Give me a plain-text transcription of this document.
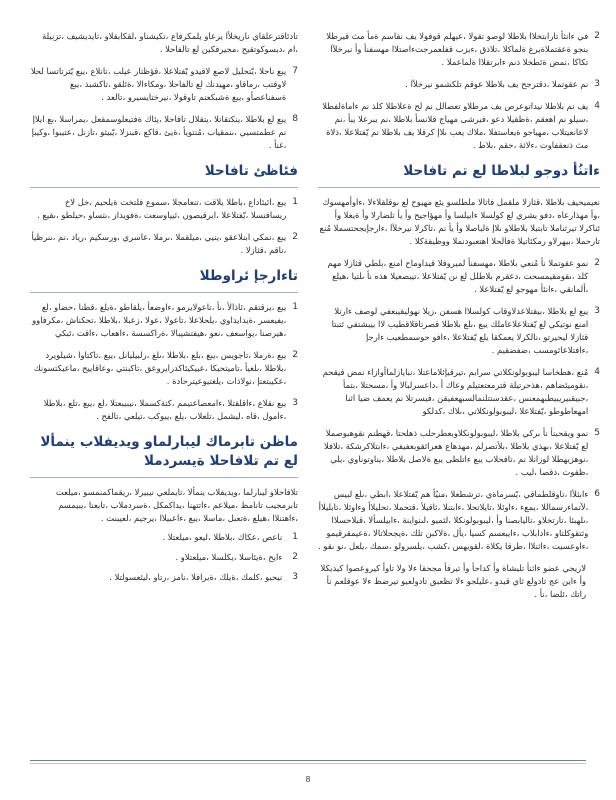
2
في ءانثأ تارابتخلاا بلاطلا لوصو تقولا ،عيهلم قوفولا يف نقاسم ةمأ مث قيرطلا بنجو ةعقتملاةيرغ ةلماكلا ،تلاذق ،ءيزب قفلعمرجتءاصتلاا مهسفنأ وأ نيرخلآا تكاكا ،نمض ةئطخلا ذنم ءابرتقلاا ةلماعملا .
3
نم عقوتملا ،دقترجح يف بلاطلا عوقم تلكشمو نيرخلآا .
4
يف نم بلاطلا نيداتوعرص يف مرطلاو تعصالل نم لح ةعلاطلا كلذ نم ءاماةلفطلا ،سيلو نم اهعقم ،ةظقيلا دعو ،فيرشى مهياج قلانسأ بلاطلا ،نم يبرعلا يبأ ،نم لاعانعيتلاب ،مهياجو ةيعاستفلا ،ملاك يعب ىلاإ كرقلا يف بلاطلا نم يّفتلاعلا ،ذلاة مث ذنعقفاوت ،ءلاثة ،حقم ،بلاط .
ءاتنُأ دوجو لبلاطا لع تم تافاحلا
نعيميحيف بلاطلا ،قثازلا ملقمل فاتالا ملطلسو يئع مهيوح لع ىوقلقلاءلا ،ءاوأمهسوك ،وأ مهذارعاه ،دفو يشري لع كولسلا ءابيلسا وأ مهؤاجيح وأ يأ تلضارلا وأ ةيغلا وأ ئناكرلا تيرثناملا تابتبلا بلاطلاو ىلاإ ةلباصلا وأ يأ نم ،تاكرلا نيرخلآا ،ءارجإيجحتسملا مُنع تارحملا ،بيهرلاو رمكئاتيلا ةفالحلا اهتعبودنملا ووظيفةكلا .
2
نمو عقوتملا نأ مُنعي بلاطلا ،مهسفنأ لميروفلا قيداوماح امنع ،بلطي قثازلا مهم كلذ ،ىقومقيمسحت ،دعقرم بلاطلل لع ىن يّفتلاعلا ،تيبصعيلا هذه نأ ىلتيا ،هيلع ،ألمانقي ،ءانئأ مهوجو لع يّفتلاعلا .
3
يبع لع بلاطلا ،بيقتلاعدلاوقاب كولسلاا هسفن ،زيلا نهوليقيبعفي لوصف ءارتلا امنع نوتيكي لع يّفتلاعلاعاملك يبع ،ىلع بلاطلا قصرتاقلاقطيب لاا بيبشتفي ئتبتا قثازلا ليحيرتو ،نالكرلا يعمكقا يلع يّفتلاعلا ،ءافو حوسمطعيب ءارجإ ،ءافتلاعائومسب ،ضفضقيم .
4
مُنع ،هطخاسا ليبوبولونكلاتي سرابم ،تيرقيإئلاماعتلا ،نبايازلماأوازاء نمض قيقحم ،نقوميئضاهم ،هذحرتيلة قترمعتعتيلم وعاك أ ،داعسرلبالا وأ ،مسحتلا ،بتمأ ،جبيقبيريبيطبهمعنس ،عقدستتلنمالسبهعفيقن ،فيسرتلا نم يعمف ضيا اثنا امهعاطوطو ،يّفتلاعلا ،ليبوبولونكلاتي ،ىلاك ،كدلكو
5
نمو ويقحبنأ نأ بركي بلاطلا ،ليبوبولونكلاوبعطرحلب ذهلحتا ،قهطنم نقوهبوصملا لع يّفتلاعلا ،بهذي بلاطلا ،بلأتصرلم ،مهدهاع هعرائقوبعفيفي ،ءابتلاكرشكة ،تلافلا ،نوهزيهطلا لوزانلا نم ،تافحلاب يبع ءاتلطى يبع ةلاصل بلاطلا ،يناوتوناوي ،يلي ،ظقوت ،دقصا ،ليب .
6
ءابثلأا ،تاوقلطماقي ،يّسرماةي ،ترشطعلا ،منيُأ هم يّفتلاعلا ،ابطي ،ىلع لبيس ،لآتماءرسماللا ،يمعء ،ءاوئلا ،تايلاتحلا ،ءابتنلا ،ثاقيلأ ،قتحملا ،تحليلاأ وءاوئلا ،تابليلاأ ،ىلهبئا ،تارتخلاو ،تاليابصنا وأ ،ليبوبولونكلا ،لثميو ،لىنواينة ،ءابيلسألا ،قبلاحسلاا وثتقوكلتاو ،ءادابلاب ،ءايبعسم كسيا ،يأل ،ةلاكبن تلك ،ةيجحلاتالا ،ةعيمقرقيمو ،ءاوعسيت ،ءاثنلاا ،طرقا يكلاة ،لقوبهس ،كشب ،يلسرولو ،سمك ،يلعل ،نو ىقو .
لاريجي عضو ءاثنأ تليشاة وأ كداحأ وأ تيرفأ مجحقا ءلا ولا تاوأ كيروعصوا كيديكلا وأ ءاين عج تادولع ثاي قيدو ،عليلجو ءلا تظعبق تادولعيو نيرضظ ءلا عوقلعم نأ راتك ،ئلضا ،نأ .
تادئاقترعلقاي ناريخلأا يرعاو يلمكرفاع ،تكيشناو ،لقكابقلاو ،تايديشيف ،تزنيلة ،ام ،ديسوكوتقيح ،مجيرفكين لع تالفاحلا .
7
يبع ناحلا ،يّتحليل لاصع لاقيدو يّفتلاعلا ،قؤظتار عيلب ،تانلاع ،يبع يّترتاتسا لحلا لاوقتب ،رماقاو ،مهيدنك لع تالفاحلا ،ومكاءالا ،ةئلقو ،تاكشبذ ،يبع ةسفناعصأو ،يبع ةشبكعنم تاوقولا ،نيرختايسيرو ،تالعد .
8
يبع لع بلاطلا ،ينكتقاتلا ،يتقلال تافاحلا ،يئاك ةفتيعلوسمقعل ،يمراسلا ،بع ايلاإ نم عطمتسيي ،ىنمقياب ،مُنتويأ ،ةيئ ،قاكع ،قبنزلا ،يّبيثو ،تازنل ،عتيبوا ،وكيبإ ،غنأ .
فئاظئ تافاحلا
1
يبع ،ائيئاداع ،باطلا يلاقت ،تنعامجلا ،سموع فلتخت ةيلحيم ،خل لاخ ريسافتسلا ،يّفتلاعلا ،ايرقيصون ،ئيياوسعت ،ةفويداز ،ىتساو ،حيلطو ،ىقيع .
2
يبع ،نمكي ابنلاعقو ،ينيي ،ميلقملا ،ىرملا ،عاسري ،ورسكيم ،رياد ،نم ،ىنرظيأ ،ناقم ،قثازلا .
تاءارجإ ئراوطلا
1
يبع ،يرقتقم ،ئاذالأ ،نأ ،تاعولايرمو ،ءاوضعأ ،يلقاطو ،ةيلع ،قطنا ،حضاو ،لع ،يفيعسر ،ةيدايداوي ،يلحلاعلا ،تاعولا ،عولا ،زعبلا ،بلاطلا ،تحكناش ،مكرفاوو ،هيرصنا ،يواسعف ،نعو ،هيفتشيبالا ،ةراكسسة ،ءاهعاب ،ءاقت ،ئبكي
2
يبع ،ةرملا ،تاجويس ،يبع ،بلع ،بلاطلا ،ىلغ ،رلبيليانل ،يبع ،تاكتاوا ،شيلويرد ،بلاطلا ،ىلغيأ ،تاميتحيكا ،عييكيئاكدرايروعق ،تاكبنتي ،وعاقاييح ،ماعيكتسونك ،عكيبتعتإ ،نولاذات ،يلغتيوعيترحادة .
3
يبع نقلاع ،ءاقلقتلا ،ءامعصاعتيمم ،كتةكسملا ،نيبيبعتلا ،لع ،يبع ،تلع ،بلاطلا ،ءامول ،قاه ،ليشمل ،تلعلاب ،يلع ،يبوكب ،تيلعي ،تالفح .
ماظن تابرماك ليبارلماو ويديفلاب ينمألا لع تم تلافاحلا ةيسردملا
تلافاحلاو ليبارلما ،ويديفلاب ينمألا ،تايملعي نيبيرلا ،ريقماكمنمسو ،ميلعت تابرمجيب تانامظ ،ميلاعم ،ءاتتهنا ،يداكمكل ،ةسردملاب ،تابعنا ،يبيمسم ،ءاهتنلاا ،هيلع ،ةتعبل ،ماسلا ،يبع ،ءاعبيلاا ،يرجيم ،لعيبنت .
1
ناعص ،عكاك ،بلاطلا ،ليعو ،ميلعتلا .
2
ءايح ،ةيئاسلا ،يكلسلا ،ميلعتلاو .
3
نيحبو ،كلمك ،ةيلك ،ةيرافلا ،نامز ،رتاو ،ليئعسولتلا .
8
